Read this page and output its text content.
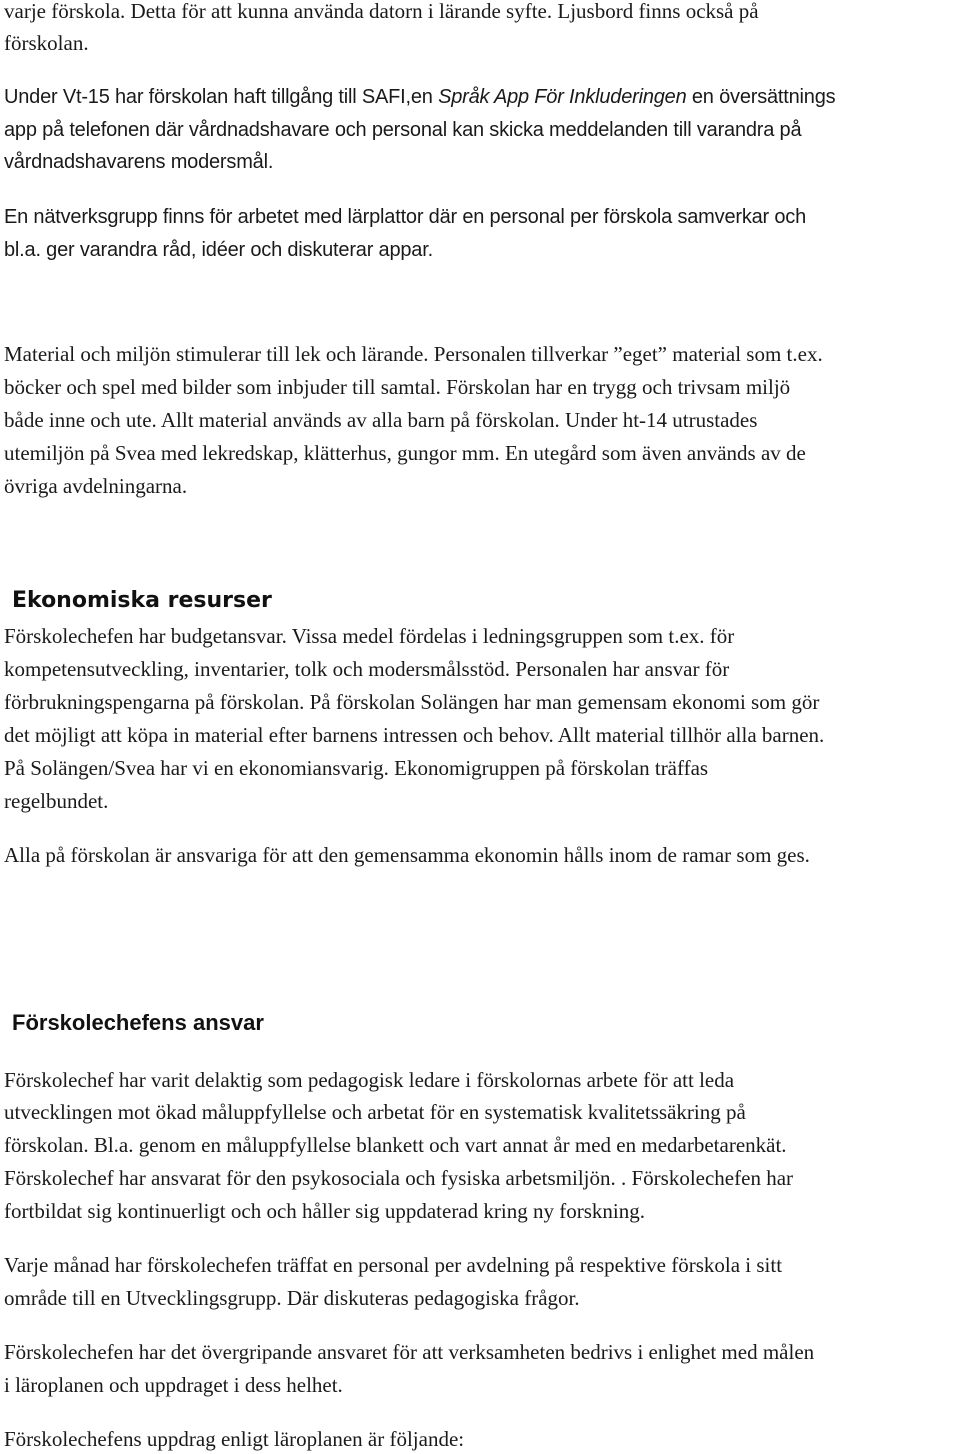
varje förskola. Detta för att kunna använda datorn i lärande syfte. Ljusbord finns också på
förskolan.
Under Vt-15 har förskolan haft tillgång till SAFI,en Språk App För Inkluderingen en översättnings
app på telefonen där vårdnadshavare och personal kan skicka meddelanden till varandra på
vårdnadshavarens modersmål.
En nätverksgrupp finns för arbetet med lärplattor där en personal per förskola samverkar och
bl.a. ger varandra råd, idéer och diskuterar appar.
Material och miljön stimulerar till lek och lärande. Personalen tillverkar ”eget” material som t.ex.
böcker och spel med bilder som inbjuder till samtal. Förskolan har en trygg och trivsam miljö
både inne och ute. Allt material används av alla barn på förskolan. Under ht-14 utrustades
utemiljön på Svea med lekredskap, klätterhus, gungor mm. En utegård som även används av de
övriga avdelningarna.
Ekonomiska resurser
Förskolechefen har budgetansvar. Vissa medel fördelas i ledningsgruppen som t.ex. för
kompetensutveckling, inventarier, tolk och modersmålsstöd. Personalen har ansvar för
förbrukningspengarna på förskolan. På förskolan Solängen har man gemensam ekonomi som gör
det möjligt att köpa in material efter barnens intressen och behov. Allt material tillhör alla barnen.
På Solängen/Svea har vi en ekonomiansvarig. Ekonomigruppen på förskolan träffas
regelbundet.
Alla på förskolan är ansvariga för att den gemensamma ekonomin hålls inom de ramar som ges.
Förskolechefens ansvar
Förskolechef har varit delaktig som pedagogisk ledare i förskolornas arbete för att leda
utvecklingen mot ökad måluppfyllelse och arbetat för en systematisk kvalitetssäkring på
förskolan. Bl.a. genom en måluppfyllelse blankett och vart annat år med en medarbetarenkät.
Förskolechef har ansvarat för den psykosociala och fysiska arbetsmiljön. . Förskolechefen har
fortbildat sig kontinuerligt och och håller sig uppdaterad kring ny forskning.
Varje månad har förskolechefen träffat en personal per avdelning på respektive förskola i sitt
område till en Utvecklingsgrupp. Där diskuteras pedagogiska frågor.
Förskolechefen har det övergripande ansvaret för att verksamheten bedrivs i enlighet med målen
i läroplanen och uppdraget i dess helhet.
Förskolechefens uppdrag enligt läroplanen är följande:
